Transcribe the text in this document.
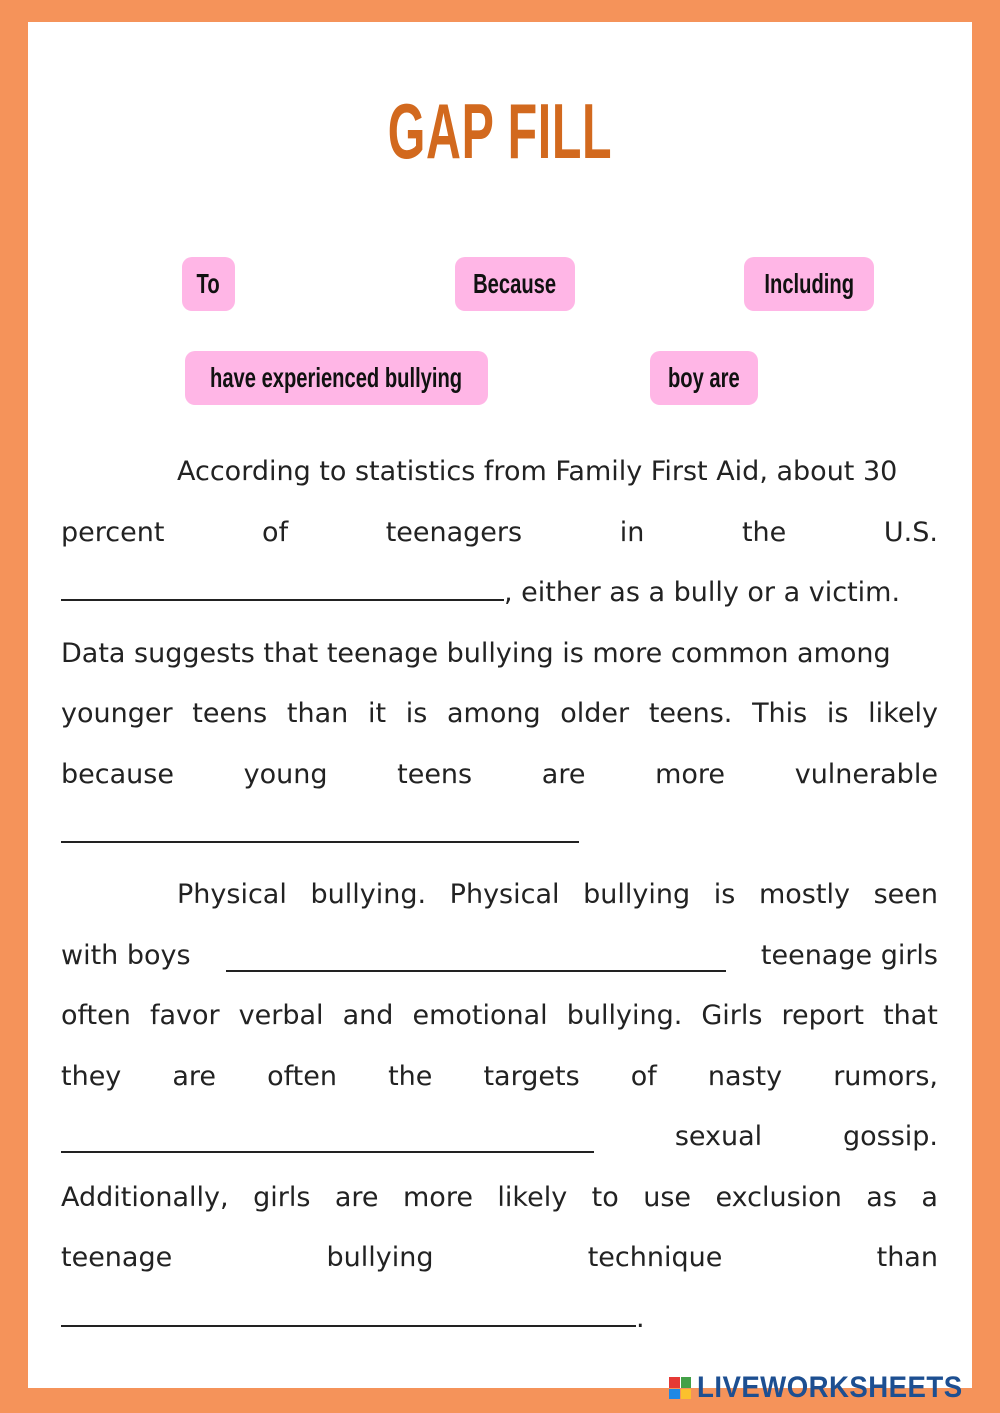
GAP FILL
To	Because	Including
have experienced bullying	boy are
According to statistics from Family First Aid, about 30
percent	of	teenagers	in	the	U.S.
, either as a bully or a victim.
Data suggests that teenage bullying is more common among
younger teens than it is among older teens. This is likely
because	young	teens	are	more	vulnerable
Physical bullying. Physical bullying is mostly seen
with boys	teenage girls
often favor verbal and emotional bullying. Girls report that
they are often the targets of nasty rumors,
sexual	gossip.
Additionally, girls are more likely to use exclusion as a
teenage	bullying	technique	than
.
LIVEWORKSHEETS
